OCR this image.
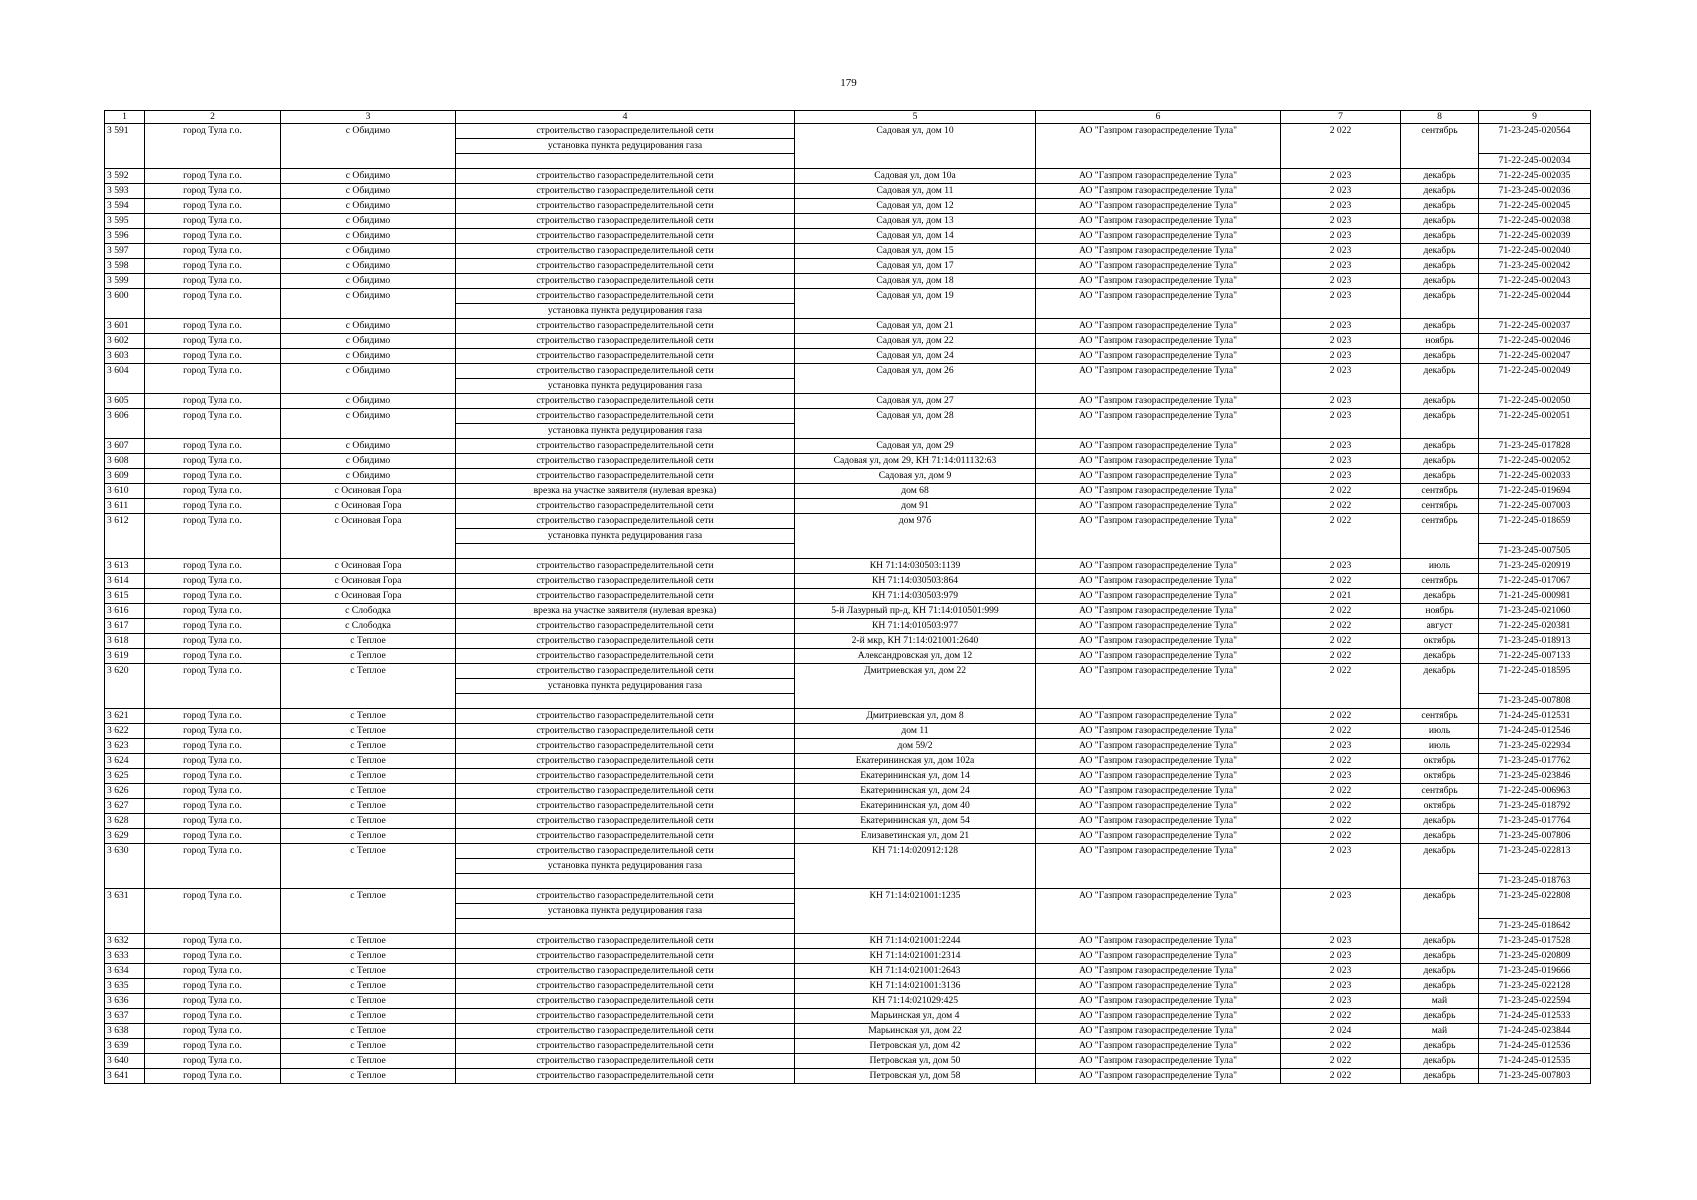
179
1	2	3	4	5	6	7	8	9
3 591	город Тула г.о.	с Обидимо	строительство газораспределительной сети	Садовая ул, дом 10	АО "Газпром газораспределение Тула"	2 022	сентябрь	71-23-245-020564
			установка пункта редуцирования газа					
								71-22-245-002034
3 592	город Тула г.о.	с Обидимо	строительство газораспределительной сети	Садовая ул, дом 10а	АО "Газпром газораспределение Тула"	2 023	декабрь	71-22-245-002035
3 593	город Тула г.о.	с Обидимо	строительство газораспределительной сети	Садовая ул, дом 11	АО "Газпром газораспределение Тула"	2 023	декабрь	71-23-245-002036
3 594	город Тула г.о.	с Обидимо	строительство газораспределительной сети	Садовая ул, дом 12	АО "Газпром газораспределение Тула"	2 023	декабрь	71-22-245-002045
3 595	город Тула г.о.	с Обидимо	строительство газораспределительной сети	Садовая ул, дом 13	АО "Газпром газораспределение Тула"	2 023	декабрь	71-22-245-002038
3 596	город Тула г.о.	с Обидимо	строительство газораспределительной сети	Садовая ул, дом 14	АО "Газпром газораспределение Тула"	2 023	декабрь	71-22-245-002039
3 597	город Тула г.о.	с Обидимо	строительство газораспределительной сети	Садовая ул, дом 15	АО "Газпром газораспределение Тула"	2 023	декабрь	71-22-245-002040
3 598	город Тула г.о.	с Обидимо	строительство газораспределительной сети	Садовая ул, дом 17	АО "Газпром газораспределение Тула"	2 023	декабрь	71-23-245-002042
3 599	город Тула г.о.	с Обидимо	строительство газораспределительной сети	Садовая ул, дом 18	АО "Газпром газораспределение Тула"	2 023	декабрь	71-22-245-002043
3 600	город Тула г.о.	с Обидимо	строительство газораспределительной сети	Садовая ул, дом 19	АО "Газпром газораспределение Тула"	2 023	декабрь	71-22-245-002044
			установка пункта редуцирования газа					
3 601	город Тула г.о.	с Обидимо	строительство газораспределительной сети	Садовая ул, дом 21	АО "Газпром газораспределение Тула"	2 023	декабрь	71-22-245-002037
3 602	город Тула г.о.	с Обидимо	строительство газораспределительной сети	Садовая ул, дом 22	АО "Газпром газораспределение Тула"	2 023	ноябрь	71-22-245-002046
3 603	город Тула г.о.	с Обидимо	строительство газораспределительной сети	Садовая ул, дом 24	АО "Газпром газораспределение Тула"	2 023	декабрь	71-22-245-002047
3 604	город Тула г.о.	с Обидимо	строительство газораспределительной сети	Садовая ул, дом 26	АО "Газпром газораспределение Тула"	2 023	декабрь	71-22-245-002049
			установка пункта редуцирования газа					
3 605	город Тула г.о.	с Обидимо	строительство газораспределительной сети	Садовая ул, дом 27	АО "Газпром газораспределение Тула"	2 023	декабрь	71-22-245-002050
3 606	город Тула г.о.	с Обидимо	строительство газораспределительной сети	Садовая ул, дом 28	АО "Газпром газораспределение Тула"	2 023	декабрь	71-22-245-002051
			установка пункта редуцирования газа					
3 607	город Тула г.о.	с Обидимо	строительство газораспределительной сети	Садовая ул, дом 29	АО "Газпром газораспределение Тула"	2 023	декабрь	71-23-245-017828
3 608	город Тула г.о.	с Обидимо	строительство газораспределительной сети	Садовая ул, дом 29, КН 71:14:011132:63	АО "Газпром газораспределение Тула"	2 023	декабрь	71-22-245-002052
3 609	город Тула г.о.	с Обидимо	строительство газораспределительной сети	Садовая ул, дом 9	АО "Газпром газораспределение Тула"	2 023	декабрь	71-22-245-002033
3 610	город Тула г.о.	с Осиновая Гора	врезка на участке заявителя (нулевая врезка)	дом 68	АО "Газпром газораспределение Тула"	2 022	сентябрь	71-22-245-019694
3 611	город Тула г.о.	с Осиновая Гора	строительство газораспределительной сети	дом 91	АО "Газпром газораспределение Тула"	2 022	сентябрь	71-22-245-007003
3 612	город Тула г.о.	с Осиновая Гора	строительство газораспределительной сети	дом 97б	АО "Газпром газораспределение Тула"	2 022	сентябрь	71-22-245-018659
			установка пункта редуцирования газа					
								71-23-245-007505
3 613	город Тула г.о.	с Осиновая Гора	строительство газораспределительной сети	КН 71:14:030503:1139	АО "Газпром газораспределение Тула"	2 023	июль	71-23-245-020919
3 614	город Тула г.о.	с Осиновая Гора	строительство газораспределительной сети	КН 71:14:030503:864	АО "Газпром газораспределение Тула"	2 022	сентябрь	71-22-245-017067
3 615	город Тула г.о.	с Осиновая Гора	строительство газораспределительной сети	КН 71:14:030503:979	АО "Газпром газораспределение Тула"	2 021	декабрь	71-21-245-000981
3 616	город Тула г.о.	с Слободка	врезка на участке заявителя (нулевая врезка)	5-й Лазурный пр-д, КН 71:14:010501:999	АО "Газпром газораспределение Тула"	2 022	ноябрь	71-23-245-021060
3 617	город Тула г.о.	с Слободка	строительство газораспределительной сети	КН 71:14:010503:977	АО "Газпром газораспределение Тула"	2 022	август	71-22-245-020381
3 618	город Тула г.о.	с Теплое	строительство газораспределительной сети	2-й мкр, КН 71:14:021001:2640	АО "Газпром газораспределение Тула"	2 022	октябрь	71-23-245-018913
3 619	город Тула г.о.	с Теплое	строительство газораспределительной сети	Александровская ул, дом 12	АО "Газпром газораспределение Тула"	2 022	декабрь	71-22-245-007133
3 620	город Тула г.о.	с Теплое	строительство газораспределительной сети	Дмитриевская ул, дом 22	АО "Газпром газораспределение Тула"	2 022	декабрь	71-22-245-018595
			установка пункта редуцирования газа					
								71-23-245-007808
3 621	город Тула г.о.	с Теплое	строительство газораспределительной сети	Дмитриевская ул, дом 8	АО "Газпром газораспределение Тула"	2 022	сентябрь	71-24-245-012531
3 622	город Тула г.о.	с Теплое	строительство газораспределительной сети	дом 11	АО "Газпром газораспределение Тула"	2 022	июль	71-24-245-012546
3 623	город Тула г.о.	с Теплое	строительство газораспределительной сети	дом 59/2	АО "Газпром газораспределение Тула"	2 023	июль	71-23-245-022934
3 624	город Тула г.о.	с Теплое	строительство газораспределительной сети	Екатерининская ул, дом 102а	АО "Газпром газораспределение Тула"	2 022	октябрь	71-23-245-017762
3 625	город Тула г.о.	с Теплое	строительство газораспределительной сети	Екатерининская ул, дом 14	АО "Газпром газораспределение Тула"	2 023	октябрь	71-23-245-023846
3 626	город Тула г.о.	с Теплое	строительство газораспределительной сети	Екатерининская ул, дом 24	АО "Газпром газораспределение Тула"	2 022	сентябрь	71-22-245-006963
3 627	город Тула г.о.	с Теплое	строительство газораспределительной сети	Екатерининская ул, дом 40	АО "Газпром газораспределение Тула"	2 022	октябрь	71-23-245-018792
3 628	город Тула г.о.	с Теплое	строительство газораспределительной сети	Екатерининская ул, дом 54	АО "Газпром газораспределение Тула"	2 022	декабрь	71-23-245-017764
3 629	город Тула г.о.	с Теплое	строительство газораспределительной сети	Елизаветинская ул, дом 21	АО "Газпром газораспределение Тула"	2 022	декабрь	71-23-245-007806
3 630	город Тула г.о.	с Теплое	строительство газораспределительной сети	КН 71:14:020912:128	АО "Газпром газораспределение Тула"	2 023	декабрь	71-23-245-022813
			установка пункта редуцирования газа					
								71-23-245-018763
3 631	город Тула г.о.	с Теплое	строительство газораспределительной сети	КН 71:14:021001:1235	АО "Газпром газораспределение Тула"	2 023	декабрь	71-23-245-022808
			установка пункта редуцирования газа					
								71-23-245-018642
3 632	город Тула г.о.	с Теплое	строительство газораспределительной сети	КН 71:14:021001:2244	АО "Газпром газораспределение Тула"	2 023	декабрь	71-23-245-017528
3 633	город Тула г.о.	с Теплое	строительство газораспределительной сети	КН 71:14:021001:2314	АО "Газпром газораспределение Тула"	2 023	декабрь	71-23-245-020809
3 634	город Тула г.о.	с Теплое	строительство газораспределительной сети	КН 71:14:021001:2643	АО "Газпром газораспределение Тула"	2 023	декабрь	71-23-245-019666
3 635	город Тула г.о.	с Теплое	строительство газораспределительной сети	КН 71:14:021001:3136	АО "Газпром газораспределение Тула"	2 023	декабрь	71-23-245-022128
3 636	город Тула г.о.	с Теплое	строительство газораспределительной сети	КН 71:14:021029:425	АО "Газпром газораспределение Тула"	2 023	май	71-23-245-022594
3 637	город Тула г.о.	с Теплое	строительство газораспределительной сети	Марьинская ул, дом 4	АО "Газпром газораспределение Тула"	2 022	декабрь	71-24-245-012533
3 638	город Тула г.о.	с Теплое	строительство газораспределительной сети	Марьинская ул, дом 22	АО "Газпром газораспределение Тула"	2 024	май	71-24-245-023844
3 639	город Тула г.о.	с Теплое	строительство газораспределительной сети	Петровская ул, дом 42	АО "Газпром газораспределение Тула"	2 022	декабрь	71-24-245-012536
3 640	город Тула г.о.	с Теплое	строительство газораспределительной сети	Петровская ул, дом 50	АО "Газпром газораспределение Тула"	2 022	декабрь	71-24-245-012535
3 641	город Тула г.о.	с Теплое	строительство газораспределительной сети	Петровская ул, дом 58	АО "Газпром газораспределение Тула"	2 022	декабрь	71-23-245-007803
